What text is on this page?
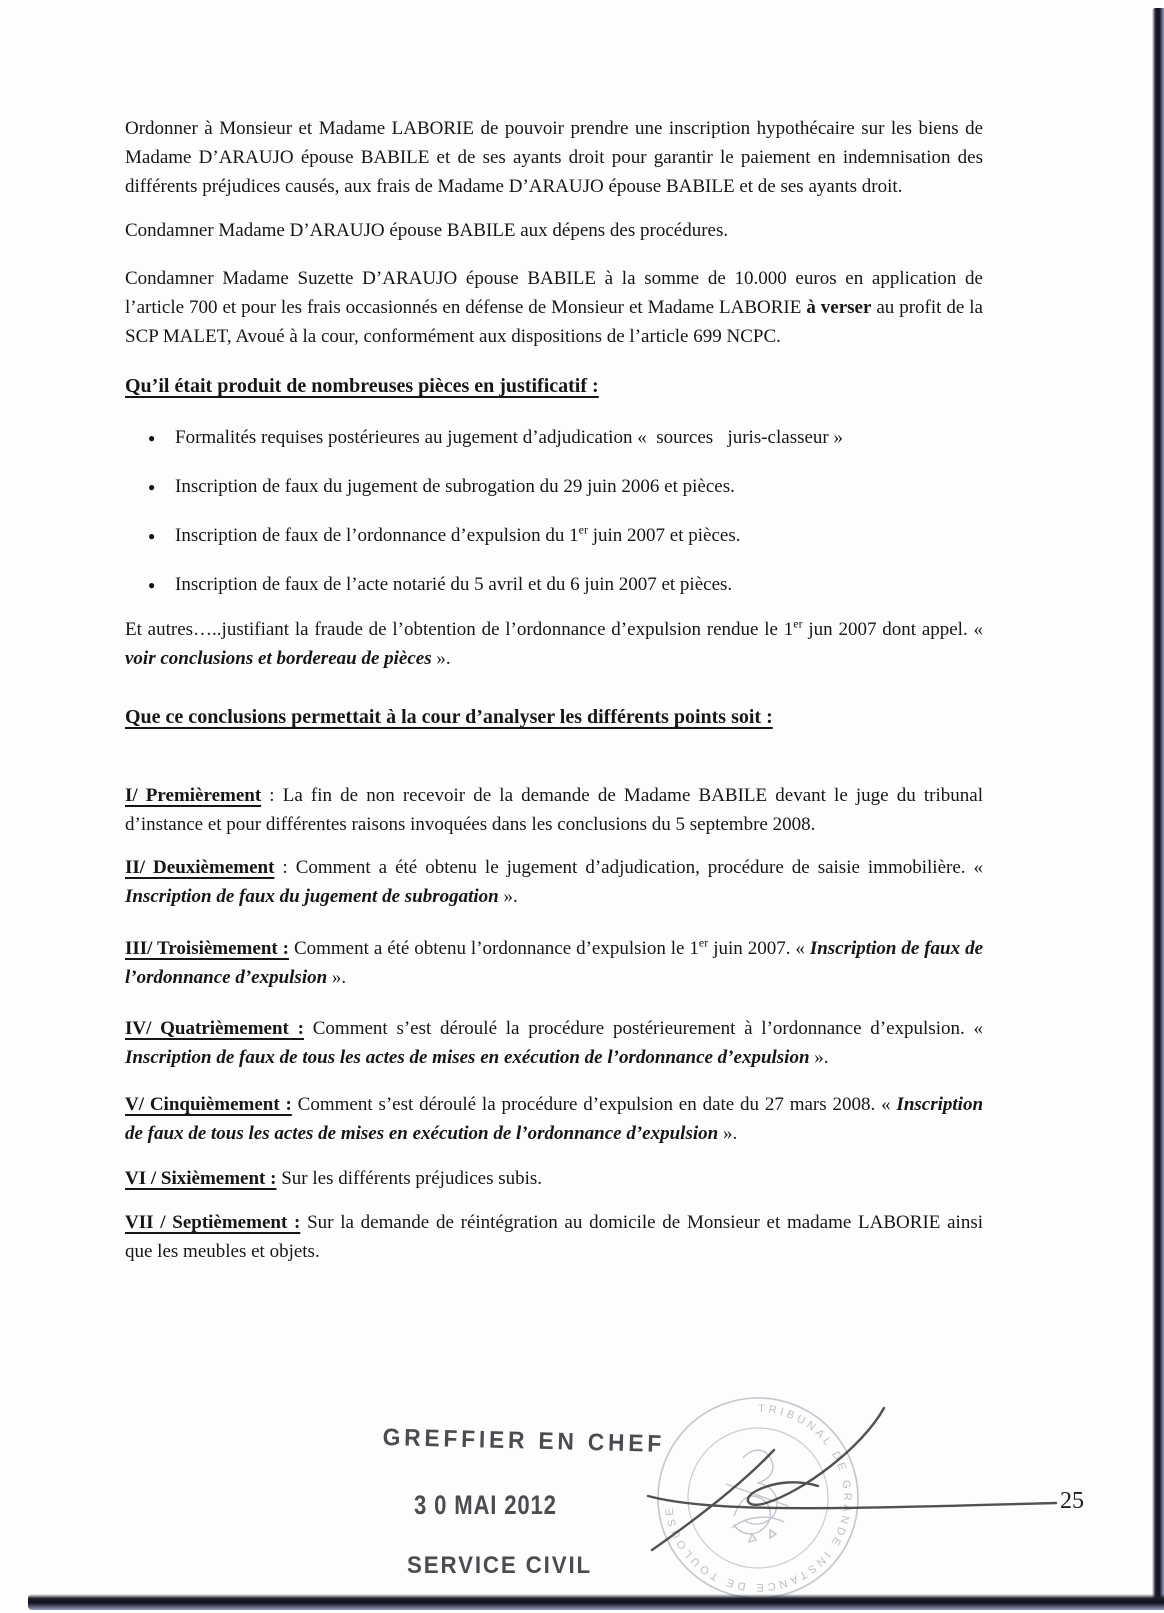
Ordonner à Monsieur et Madame LABORIE de pouvoir prendre une inscription hypothécaire sur les biens de Madame D’ARAUJO épouse BABILE et de ses ayants droit pour garantir le paiement en indemnisation des différents préjudices causés, aux frais de Madame D’ARAUJO épouse BABILE et de ses ayants droit.

Condamner Madame D’ARAUJO épouse BABILE aux dépens des procédures.

Condamner Madame Suzette D’ARAUJO épouse BABILE à la somme de 10.000 euros en application de l’article 700 et pour les frais occasionnés en défense de Monsieur et Madame LABORIE à verser au profit de la SCP MALET, Avoué à la cour, conformément aux dispositions de l’article 699 NCPC.

Qu’il était produit de nombreuses pièces en justificatif :

● Formalités requises postérieures au jugement d’adjudication «  sources   juris-classeur »
● Inscription de faux du jugement de subrogation du 29 juin 2006 et pièces.
● Inscription de faux de l’ordonnance d’expulsion du 1er juin 2007 et pièces.
● Inscription de faux de l’acte notarié du 5 avril et du 6 juin 2007 et pièces.

Et autres…..justifiant la fraude de l’obtention de l’ordonnance d’expulsion rendue le 1er jun 2007 dont appel. «  voir conclusions et bordereau de pièces ».

Que ce conclusions permettait à la cour d’analyser les différents points soit :

I/ Premièrement : La fin de non recevoir de la demande de Madame BABILE devant le juge du tribunal d’instance et pour différentes raisons invoquées dans les conclusions du 5 septembre 2008.

II/ Deuxièmement : Comment a été obtenu le jugement d’adjudication, procédure de saisie immobilière. « Inscription de faux du jugement de subrogation ».

III/ Troisièmement : Comment a été obtenu l’ordonnance d’expulsion le 1er juin 2007. « Inscription de faux de l’ordonnance d’expulsion ».

IV/ Quatrièmement : Comment s’est déroulé la procédure postérieurement à l’ordonnance d’expulsion. « Inscription de faux de tous les actes de mises en exécution de l’ordonnance d’expulsion ».

V/ Cinquièmement : Comment s’est déroulé la procédure d’expulsion en date du 27 mars 2008. « Inscription de faux de tous les actes de mises en exécution de l’ordonnance d’expulsion ».

VI / Sixièmement : Sur les différents préjudices subis.

VII / Septièmement : Sur la demande de réintégration au domicile de Monsieur et madame LABORIE ainsi que les meubles et objets.

GREFFIER EN CHEF
3 0 MAI 2012
SERVICE CIVIL
TRIBUNAL DE GRANDE INSTANCE DE TOULOUSE	25
